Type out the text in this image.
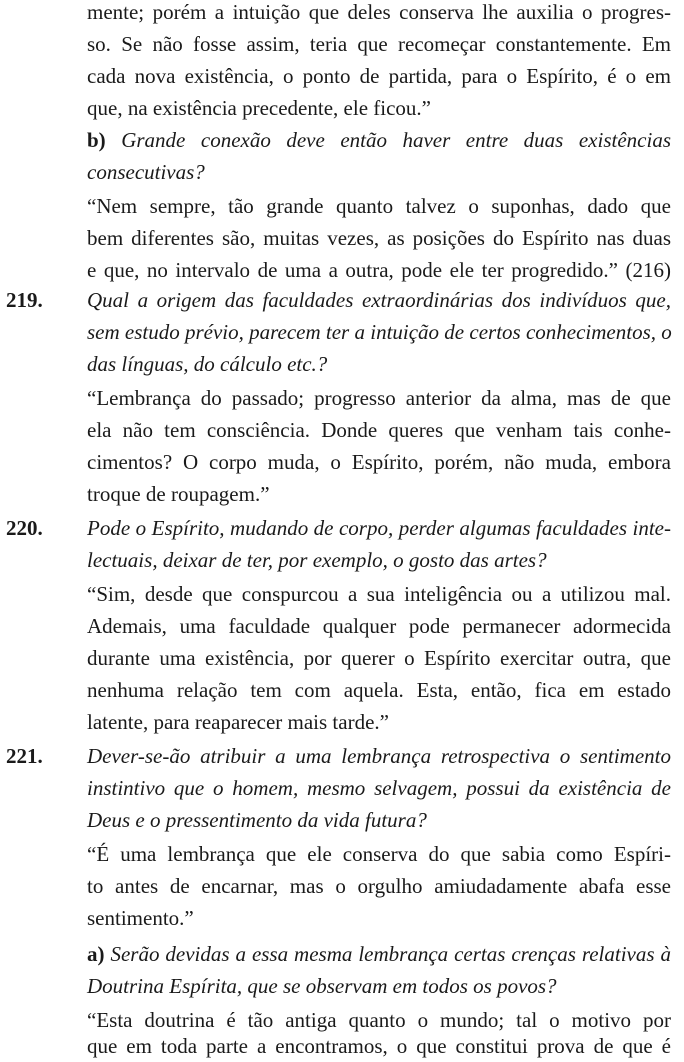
mente; porém a intuição que deles conserva lhe auxilia o progres-
so. Se não fosse assim, teria que recomeçar constantemente. Em
cada nova existência, o ponto de partida, para o Espírito, é o em
que, na existência precedente, ele ficou.”
b) Grande conexão deve então haver entre duas existências
consecutivas?
“Nem sempre, tão grande quanto talvez o suponhas, dado que
bem diferentes são, muitas vezes, as posições do Espírito nas duas
e que, no intervalo de uma a outra, pode ele ter progredido.” (216)
219. Qual a origem das faculdades extraordinárias dos indivíduos que,
sem estudo prévio, parecem ter a intuição de certos conhecimentos, o
das línguas, do cálculo etc.?
“Lembrança do passado; progresso anterior da alma, mas de que
ela não tem consciência. Donde queres que venham tais conhe-
cimentos? O corpo muda, o Espírito, porém, não muda, embora
troque de roupagem.”
220. Pode o Espírito, mudando de corpo, perder algumas faculdades inte-
lectuais, deixar de ter, por exemplo, o gosto das artes?
“Sim, desde que conspurcou a sua inteligência ou a utilizou mal.
Ademais, uma faculdade qualquer pode permanecer adormecida
durante uma existência, por querer o Espírito exercitar outra, que
nenhuma relação tem com aquela. Esta, então, fica em estado
latente, para reaparecer mais tarde.”
221. Dever-se-ão atribuir a uma lembrança retrospectiva o sentimento
instintivo que o homem, mesmo selvagem, possui da existência de
Deus e o pressentimento da vida futura?
“É uma lembrança que ele conserva do que sabia como Espíri-
to antes de encarnar, mas o orgulho amiudadamente abafa esse
sentimento.”
a) Serão devidas a essa mesma lembrança certas crenças relativas à
Doutrina Espírita, que se observam em todos os povos?
“Esta doutrina é tão antiga quanto o mundo; tal o motivo por
que em toda parte a encontramos, o que constitui prova de que é
